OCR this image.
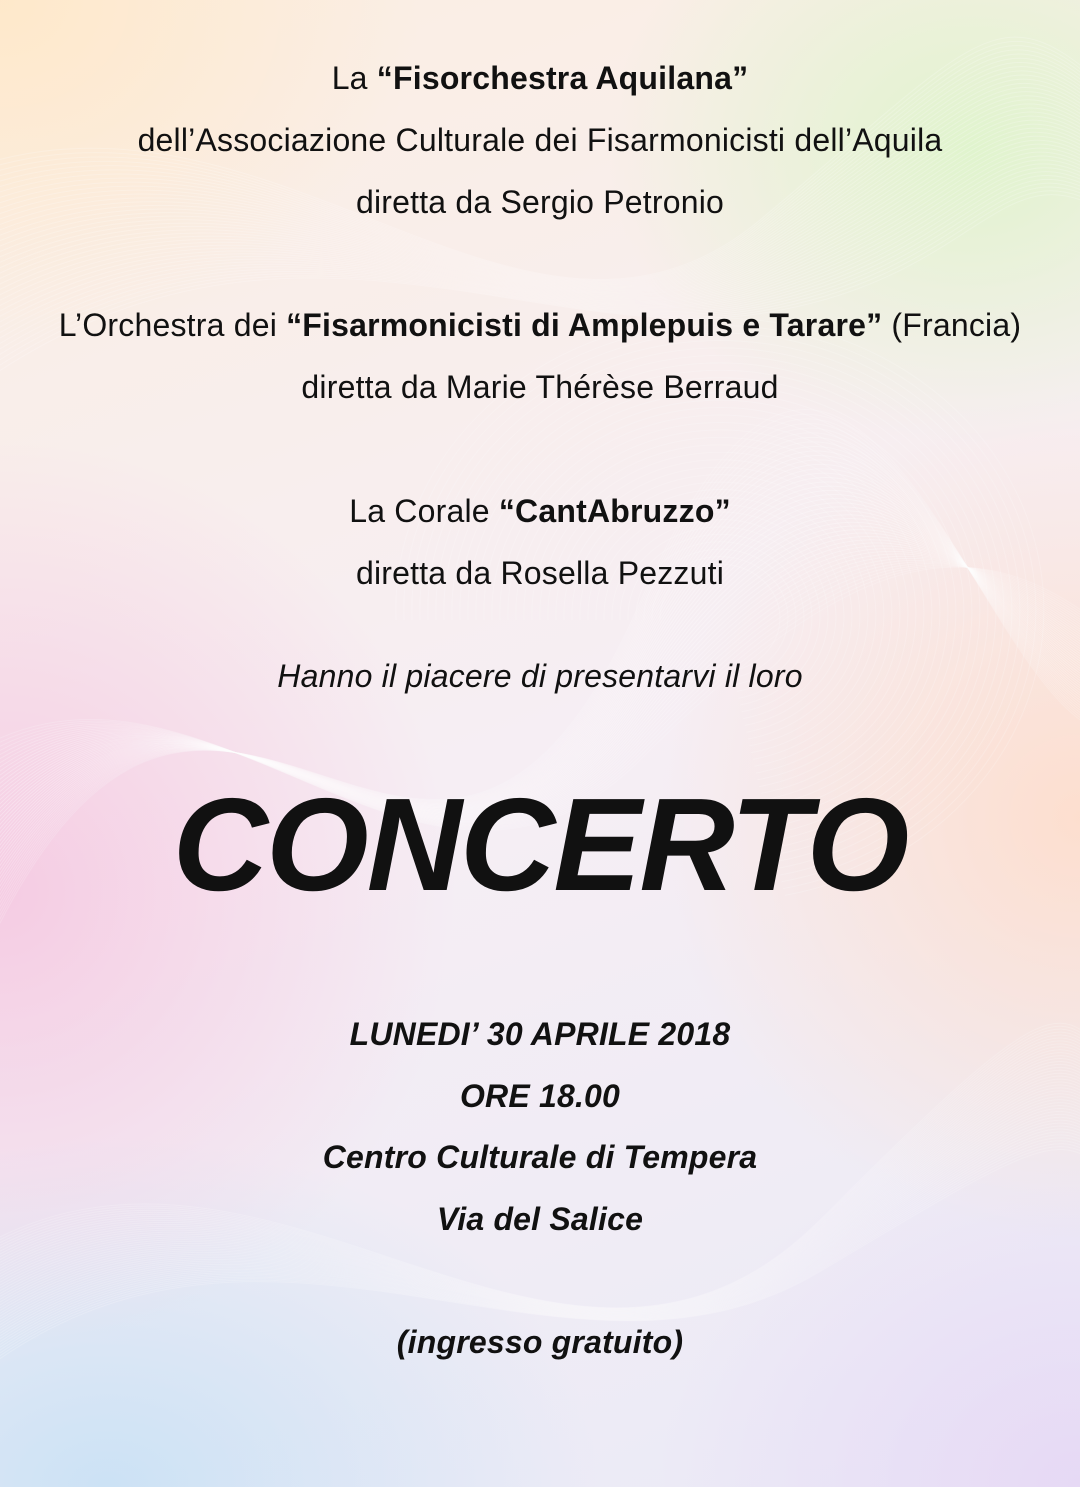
La “Fisorchestra Aquilana”
dell’Associazione Culturale dei Fisarmonicisti dell’Aquila
diretta da Sergio Petronio
L’Orchestra dei “Fisarmonicisti di Amplepuis e Tarare” (Francia)
diretta da Marie Thérèse Berraud
La Corale “CantAbruzzo”
diretta da Rosella Pezzuti
Hanno il piacere di presentarvi il loro
CONCERTO
LUNEDI’ 30 APRILE 2018
ORE 18.00
Centro Culturale di Tempera
Via del Salice
(ingresso gratuito)
